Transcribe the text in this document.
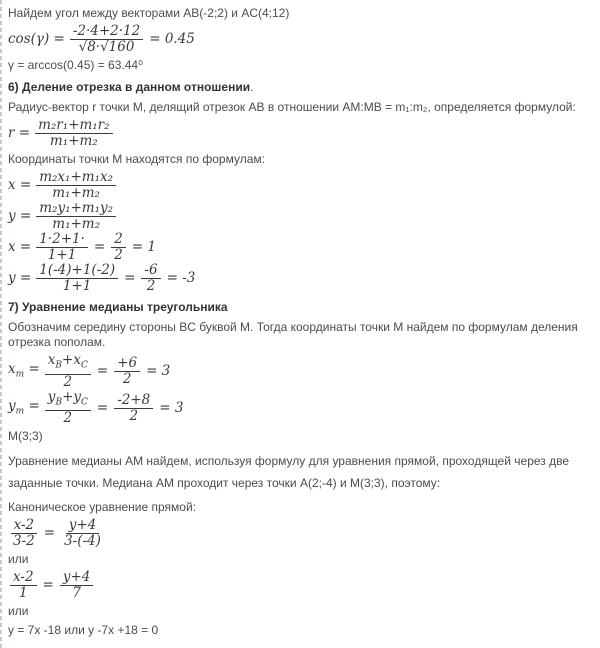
Найдем угол между векторами AB(-2;2) и AC(4;12)

$\cos(\gamma) = \frac{-2\cdot 4+2\cdot 12}{√8\cdot√160} = 0.45$

γ = arccos(0.45) = 63.44⁰

6) Деление отрезка в данном отношении.

Радиус-вектор r точки M, делящий отрезок AB в отношении AM:MB = m₁:m₂, определяется формулой:

$r = \frac{\text{m₂r₁+m₁r₂}}{\text{m₁+m₂}}$

Координаты точки M находятся по формулам:

$x = \frac{\text{m₂x₁+m₁x₂}}{\text{m₁+m₂}}$
$y = \frac{\text{m₂y₁+m₁y₂}}{\text{m₁+m₂}}$
$x = \frac{1\cdot 2+1\cdot}{1+1} = \frac{2}{2} = 1$
$y = \frac{1(-4)+1(-2)}{1+1} = \frac{-6}{2} = -3$

7) Уравнение медианы треугольника

Обозначим середину стороны BC буквой M. Тогда координаты точки M найдем по формулам деления отрезка пополам.

$x_m = \frac{x_B+x_C}{2} = \frac{+6}{2} = 3$
$y_m = \frac{y_B+y_C}{2} = \frac{-2+8}{2} = 3$

M(3;3)

Уравнение медианы AM найдем, используя формулу для уравнения прямой, проходящей через две заданные точки. Медиана AM проходит через точки A(2;-4) и M(3;3), поэтому:

Каноническое уравнение прямой:

$\frac{x-2}{3-2} = \frac{y+4}{3-(-4)}$

или

$\frac{x-2}{1} = \frac{y+4}{7}$

или

y = 7x -18 или y -7x +18 = 0
